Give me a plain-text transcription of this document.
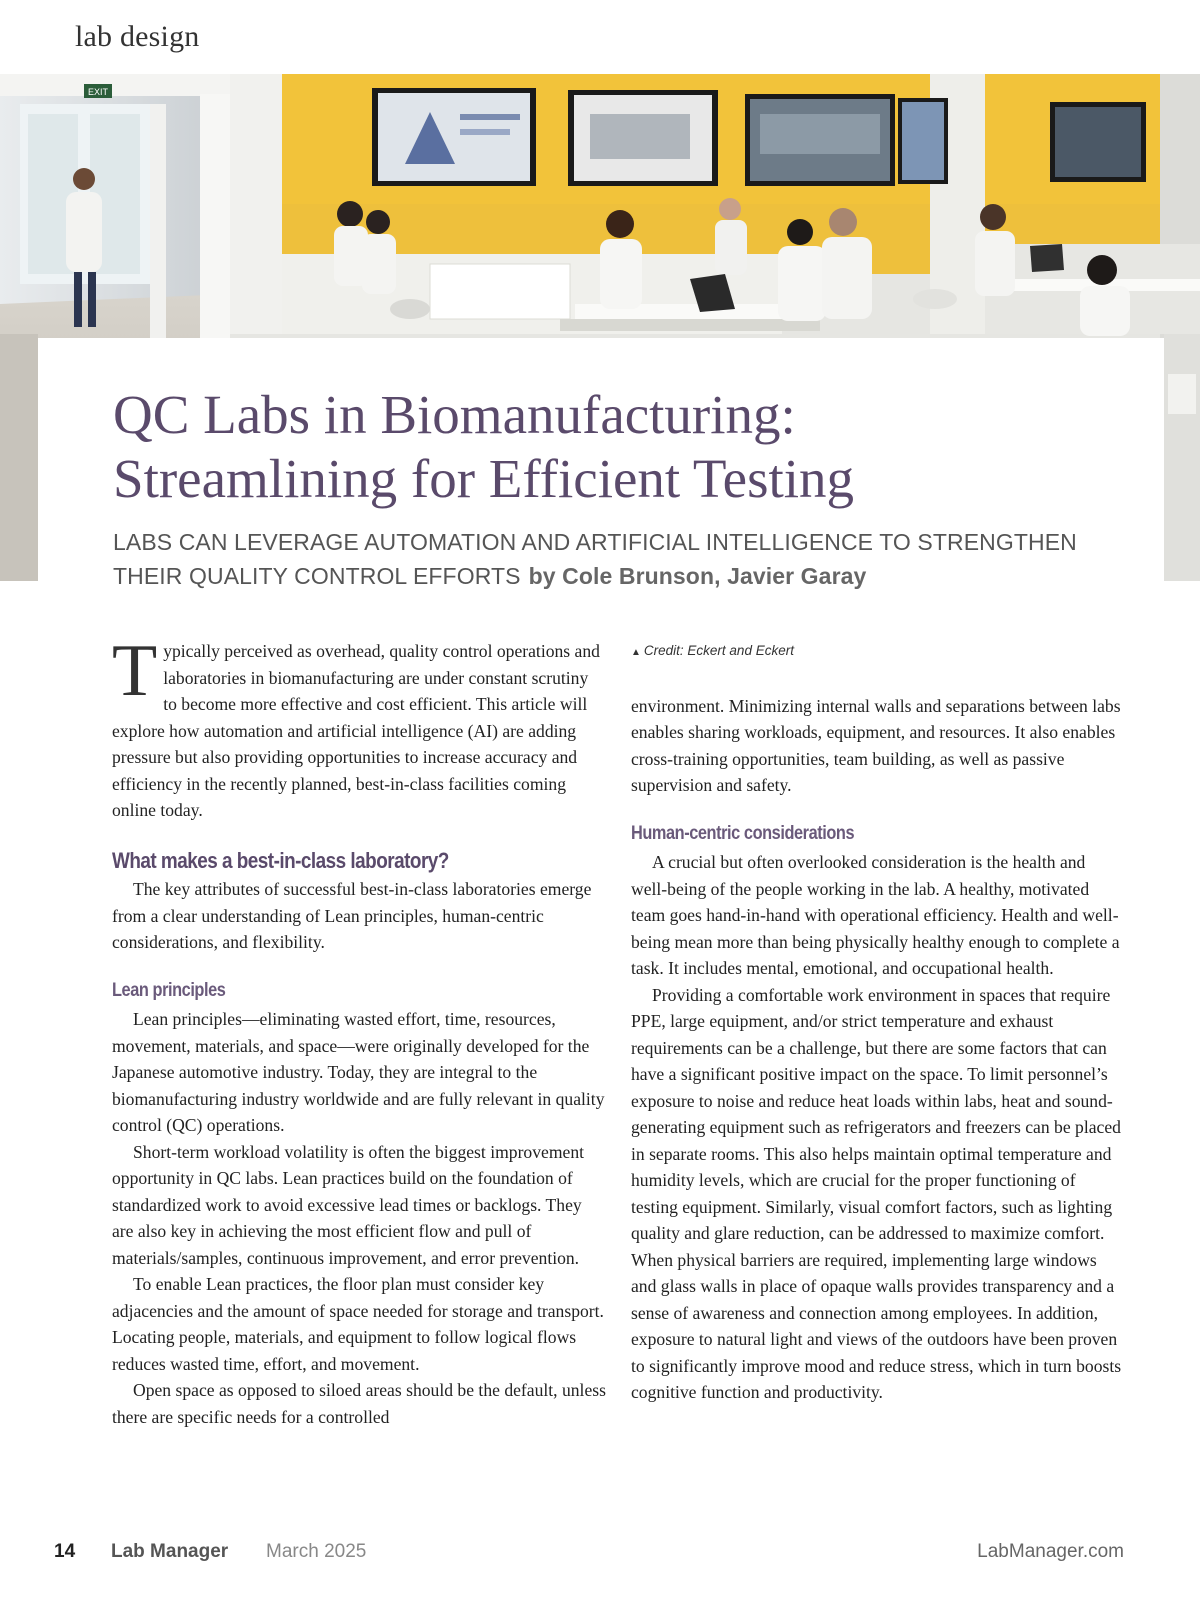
lab design
EXIT
QC Labs in Biomanufacturing:
Streamlining for Efficient Testing
LABS CAN LEVERAGE AUTOMATION AND ARTIFICIAL INTELLIGENCE TO STRENGTHEN
THEIR QUALITY CONTROL EFFORTS by Cole Brunson, Javier Garay

Typically perceived as overhead, quality control operations and laboratories in biomanufacturing are under constant scrutiny to become more effective and cost efficient. This article will explore how automation and artificial intelligence (AI) are adding pressure but also providing opportunities to increase accuracy and efficiency in the recently planned, best-in-class facilities coming online today.

What makes a best-in-class laboratory?

The key attributes of successful best-in-class laboratories emerge from a clear understanding of Lean principles, human-centric considerations, and flexibility.

Lean principles

Lean principles—eliminating wasted effort, time, resources, movement, materials, and space—were originally developed for the Japanese automotive industry. Today, they are integral to the biomanufacturing industry worldwide and are fully relevant in quality control (QC) operations.

Short-term workload volatility is often the biggest improvement opportunity in QC labs. Lean practices build on the foundation of standardized work to avoid excessive lead times or backlogs. They are also key in achieving the most efficient flow and pull of materials/samples, continuous improvement, and error prevention.

To enable Lean practices, the floor plan must consider key adjacencies and the amount of space needed for storage and transport. Locating people, materials, and equipment to follow logical flows reduces wasted time, effort, and movement.

Open space as opposed to siloed areas should be the default, unless there are specific needs for a controlled

▲ Credit: Eckert and Eckert

environment. Minimizing internal walls and separations between labs enables sharing workloads, equipment, and resources. It also enables cross-training opportunities, team building, as well as passive supervision and safety.

Human-centric considerations

A crucial but often overlooked consideration is the health and well-being of the people working in the lab. A healthy, motivated team goes hand-in-hand with operational efficiency. Health and well-being mean more than being physically healthy enough to complete a task. It includes mental, emotional, and occupational health.

Providing a comfortable work environment in spaces that require PPE, large equipment, and/or strict temperature and exhaust requirements can be a challenge, but there are some factors that can have a significant positive impact on the space. To limit personnel’s exposure to noise and reduce heat loads within labs, heat and sound-generating equipment such as refrigerators and freezers can be placed in separate rooms. This also helps maintain optimal temperature and humidity levels, which are crucial for the proper functioning of testing equipment. Similarly, visual comfort factors, such as lighting quality and glare reduction, can be addressed to maximize comfort. When physical barriers are required, implementing large windows and glass walls in place of opaque walls provides transparency and a sense of awareness and connection among employees. In addition, exposure to natural light and views of the outdoors have been proven to significantly improve mood and reduce stress, which in turn boosts cognitive function and productivity.

14 Lab Manager March 2025	LabManager.com
